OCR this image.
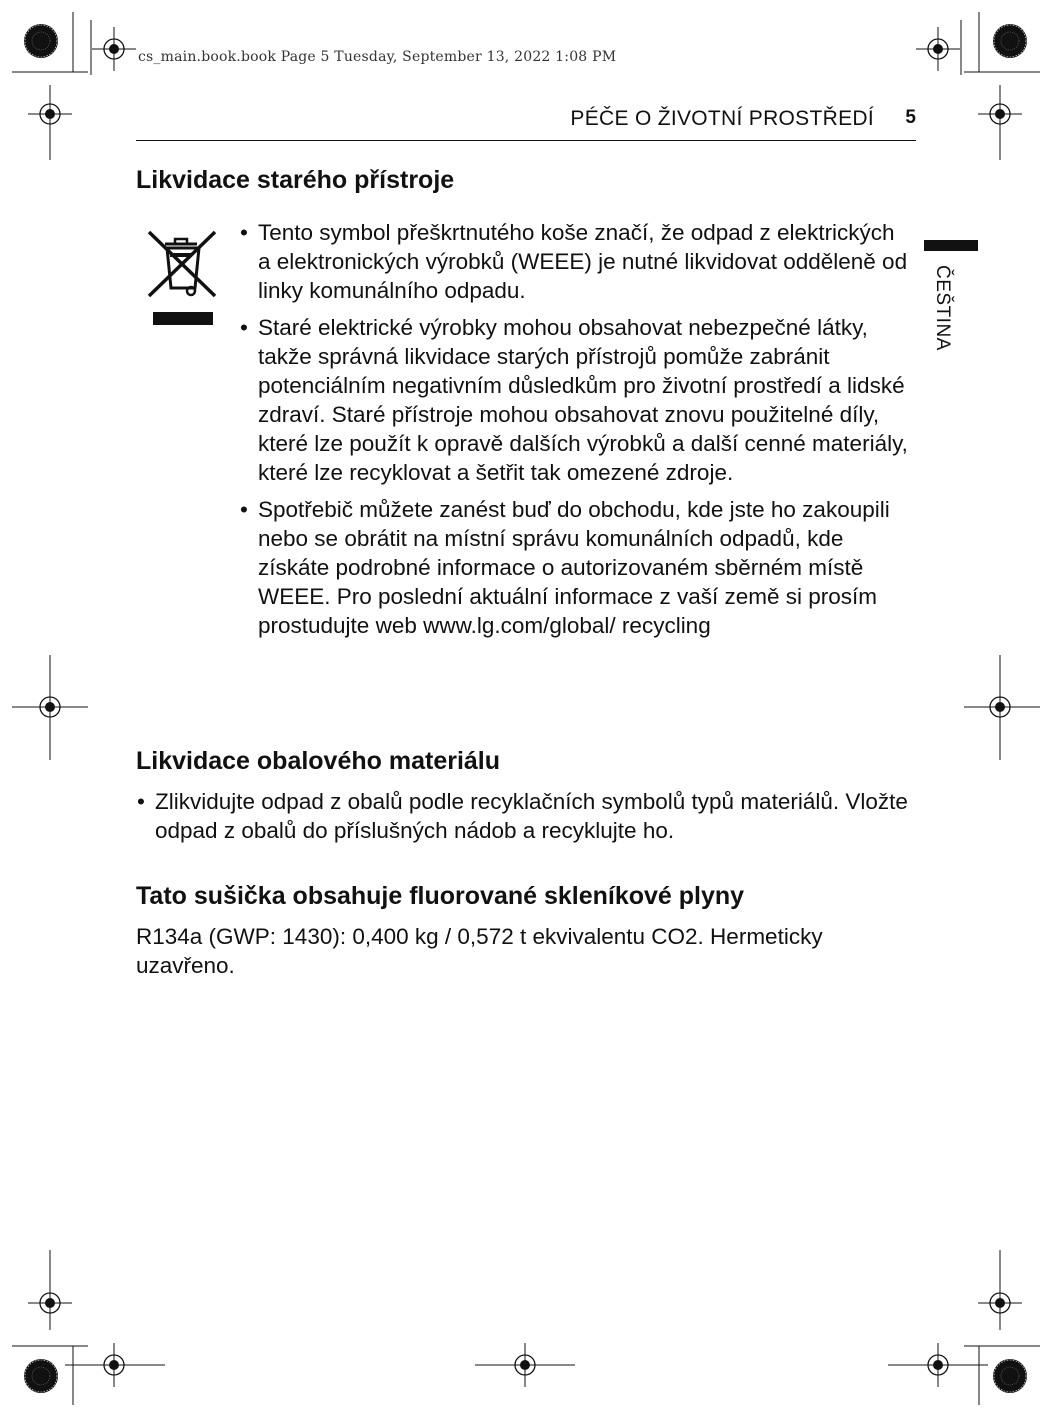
cs_main.book.book Page 5 Tuesday, September 13, 2022 1:08 PM
PÉČE O ŽIVOTNÍ PROSTŘEDÍ 5
ČEŠTINA
Likvidace starého přístroje
• Tento symbol přeškrtnutého koše značí, že odpad z elektrických a elektronických výrobků (WEEE) je nutné likvidovat odděleně od linky komunálního odpadu.
• Staré elektrické výrobky mohou obsahovat nebezpečné látky, takže správná likvidace starých přístrojů pomůže zabránit potenciálním negativním důsledkům pro životní prostředí a lidské zdraví. Staré přístroje mohou obsahovat znovu použitelné díly, které lze použít k opravě dalších výrobků a další cenné materiály, které lze recyklovat a šetřit tak omezené zdroje.
• Spotřebič můžete zanést buď do obchodu, kde jste ho zakoupili nebo se obrátit na místní správu komunálních odpadů, kde získáte podrobné informace o autorizovaném sběrném místě WEEE. Pro poslední aktuální informace z vaší země si prosím prostudujte web www.lg.com/global/ recycling
Likvidace obalového materiálu
• Zlikvidujte odpad z obalů podle recyklačních symbolů typů materiálů. Vložte odpad z obalů do příslušných nádob a recyklujte ho.
Tato sušička obsahuje fluorované skleníkové plyny

R134a (GWP: 1430): 0,400 kg / 0,572 t ekvivalentu CO2. Hermeticky uzavřeno.
